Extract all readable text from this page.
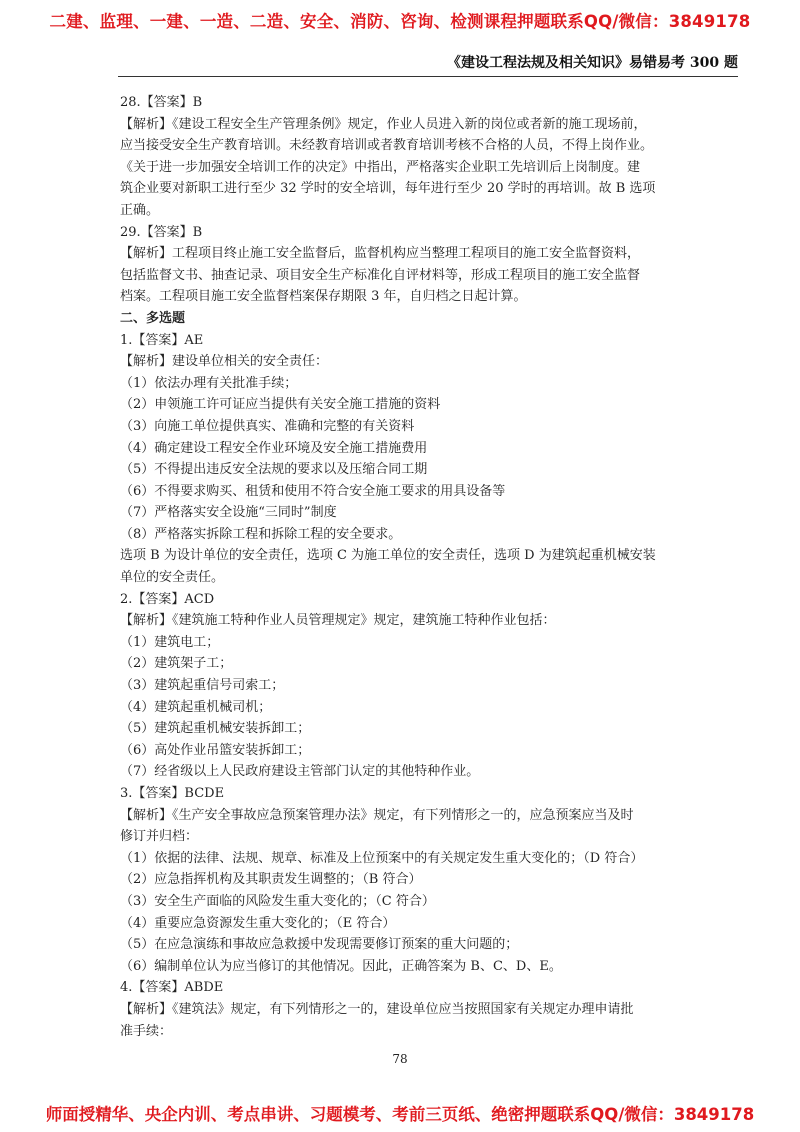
二建、监理、一建、一造、二造、安全、消防、咨询、检测课程押题联系QQ/微信：3849178
《建设工程法规及相关知识》易错易考 300 题
28.【答案】B
【解析】《建设工程安全生产管理条例》规定，作业人员进入新的岗位或者新的施工现场前，
应当接受安全生产教育培训。未经教育培训或者教育培训考核不合格的人员，不得上岗作业。
《关于进一步加强安全培训工作的决定》中指出，严格落实企业职工先培训后上岗制度。建
筑企业要对新职工进行至少 32 学时的安全培训，每年进行至少 20 学时的再培训。故 B 选项
正确。
29.【答案】B
【解析】工程项目终止施工安全监督后，监督机构应当整理工程项目的施工安全监督资料，
包括监督文书、抽查记录、项目安全生产标准化自评材料等，形成工程项目的施工安全监督
档案。工程项目施工安全监督档案保存期限 3 年，自归档之日起计算。
二、多选题
1.【答案】AE
【解析】建设单位相关的安全责任：
（1）依法办理有关批准手续；
（2）申领施工许可证应当提供有关安全施工措施的资料
（3）向施工单位提供真实、准确和完整的有关资料
（4）确定建设工程安全作业环境及安全施工措施费用
（5）不得提出违反安全法规的要求以及压缩合同工期
（6）不得要求购买、租赁和使用不符合安全施工要求的用具设备等
（7）严格落实安全设施“三同时”制度
（8）严格落实拆除工程和拆除工程的安全要求。
选项 B 为设计单位的安全责任，选项 C 为施工单位的安全责任，选项 D 为建筑起重机械安装
单位的安全责任。
2.【答案】ACD
【解析】《建筑施工特种作业人员管理规定》规定，建筑施工特种作业包括：
（1）建筑电工；
（2）建筑架子工；
（3）建筑起重信号司索工；
（4）建筑起重机械司机；
（5）建筑起重机械安装拆卸工；
（6）高处作业吊篮安装拆卸工；
（7）经省级以上人民政府建设主管部门认定的其他特种作业。
3.【答案】BCDE
【解析】《生产安全事故应急预案管理办法》规定，有下列情形之一的，应急预案应当及时
修订并归档：
（1）依据的法律、法规、规章、标准及上位预案中的有关规定发生重大变化的；（D 符合）
（2）应急指挥机构及其职责发生调整的；（B 符合）
（3）安全生产面临的风险发生重大变化的；（C 符合）
（4）重要应急资源发生重大变化的；（E 符合）
（5）在应急演练和事故应急救援中发现需要修订预案的重大问题的；
（6）编制单位认为应当修订的其他情况。因此，正确答案为 B、C、D、E。
4.【答案】ABDE
【解析】《建筑法》规定，有下列情形之一的，建设单位应当按照国家有关规定办理申请批
准手续：
78
师面授精华、央企内训、考点串讲、习题模考、考前三页纸、绝密押题联系QQ/微信：3849178
